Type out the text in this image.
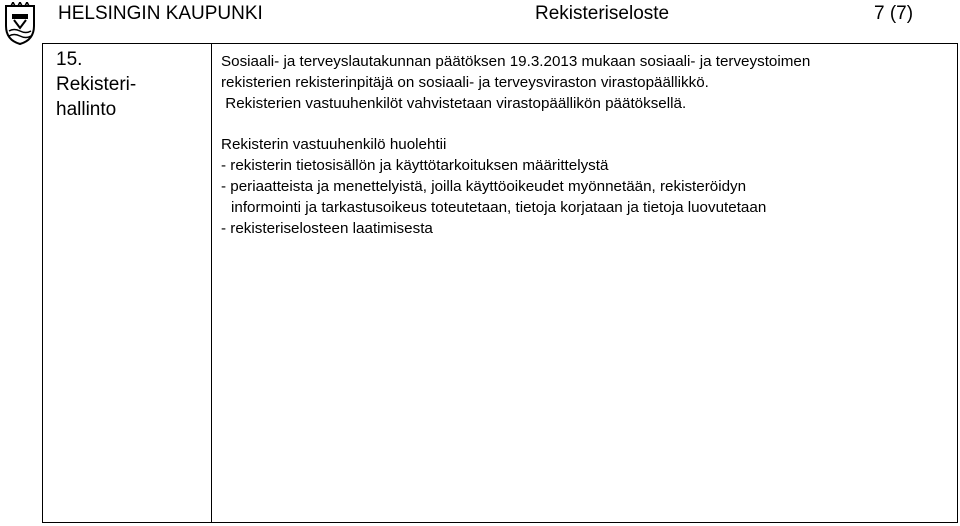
HELSINGIN KAUPUNKI	Rekisteriseloste	7 (7)
15.
Rekisteri-
hallinto
Sosiaali- ja terveyslautakunnan päätöksen 19.3.2013 mukaan sosiaali- ja terveystoimen
rekisterien rekisterinpitäjä on sosiaali- ja terveysviraston virastopäällikkö.
Rekisterien vastuuhenkilöt vahvistetaan virastopäällikön päätöksellä.
Rekisterin vastuuhenkilö huolehtii
- rekisterin tietosisällön ja käyttötarkoituksen määrittelystä
- periaatteista ja menettelyistä, joilla käyttöoikeudet myönnetään, rekisteröidyn
informointi ja tarkastusoikeus toteutetaan, tietoja korjataan ja tietoja luovutetaan
- rekisteriselosteen laatimisesta
